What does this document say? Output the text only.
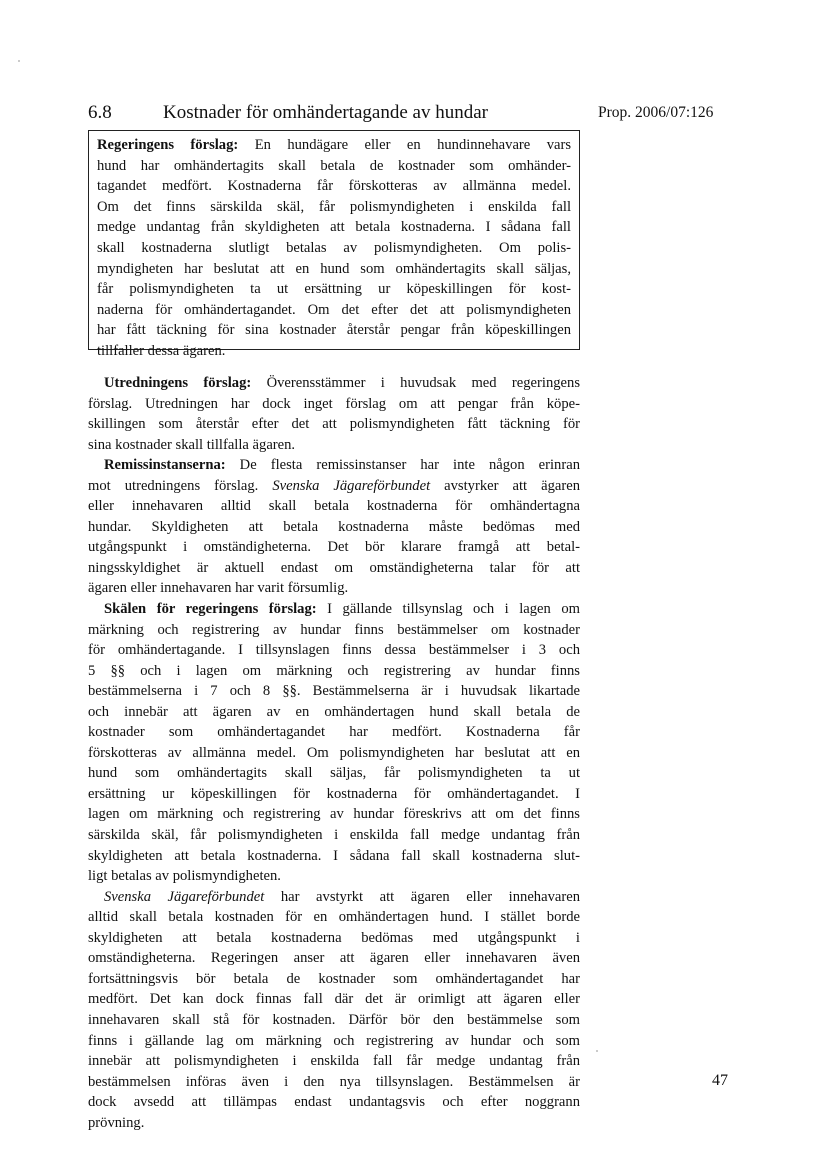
6.8	Kostnader för omhändertagande av hundar	Prop. 2006/07:126
Regeringens förslag: En hundägare eller en hundinnehavare vars
hund har omhändertagits skall betala de kostnader som omhänder-
tagandet medfört. Kostnaderna får förskotteras av allmänna medel.
Om det finns särskilda skäl, får polismyndigheten i enskilda fall
medge undantag från skyldigheten att betala kostnaderna. I sådana fall
skall kostnaderna slutligt betalas av polismyndigheten. Om polis-
myndigheten har beslutat att en hund som omhändertagits skall säljas,
får polismyndigheten ta ut ersättning ur köpeskillingen för kost-
naderna för omhändertagandet. Om det efter det att polismyndigheten
har fått täckning för sina kostnader återstår pengar från köpeskillingen
tillfaller dessa ägaren.
Utredningens förslag: Överensstämmer i huvudsak med regeringens
förslag. Utredningen har dock inget förslag om att pengar från köpe-
skillingen som återstår efter det att polismyndigheten fått täckning för
sina kostnader skall tillfalla ägaren.
Remissinstanserna: De flesta remissinstanser har inte någon erinran
mot utredningens förslag. Svenska Jägareförbundet avstyrker att ägaren
eller innehavaren alltid skall betala kostnaderna för omhändertagna
hundar. Skyldigheten att betala kostnaderna måste bedömas med
utgångspunkt i omständigheterna. Det bör klarare framgå att betal-
ningsskyldighet är aktuell endast om omständigheterna talar för att
ägaren eller innehavaren har varit försumlig.
Skälen för regeringens förslag: I gällande tillsynslag och i lagen om
märkning och registrering av hundar finns bestämmelser om kostnader
för omhändertagande. I tillsynslagen finns dessa bestämmelser i 3 och
5 §§ och i lagen om märkning och registrering av hundar finns
bestämmelserna i 7 och 8 §§. Bestämmelserna är i huvudsak likartade
och innebär att ägaren av en omhändertagen hund skall betala de
kostnader som omhändertagandet har medfört. Kostnaderna får
förskotteras av allmänna medel. Om polismyndigheten har beslutat att en
hund som omhändertagits skall säljas, får polismyndigheten ta ut
ersättning ur köpeskillingen för kostnaderna för omhändertagandet. I
lagen om märkning och registrering av hundar föreskrivs att om det finns
särskilda skäl, får polismyndigheten i enskilda fall medge undantag från
skyldigheten att betala kostnaderna. I sådana fall skall kostnaderna slut-
ligt betalas av polismyndigheten.
Svenska Jägareförbundet har avstyrkt att ägaren eller innehavaren
alltid skall betala kostnaden för en omhändertagen hund. I stället borde
skyldigheten att betala kostnaderna bedömas med utgångspunkt i
omständigheterna. Regeringen anser att ägaren eller innehavaren även
fortsättningsvis bör betala de kostnader som omhändertagandet har
medfört. Det kan dock finnas fall där det är orimligt att ägaren eller
innehavaren skall stå för kostnaden. Därför bör den bestämmelse som
finns i gällande lag om märkning och registrering av hundar och som
innebär att polismyndigheten i enskilda fall får medge undantag från
bestämmelsen införas även i den nya tillsynslagen. Bestämmelsen är
dock avsedd att tillämpas endast undantagsvis och efter noggrann
prövning.
47
